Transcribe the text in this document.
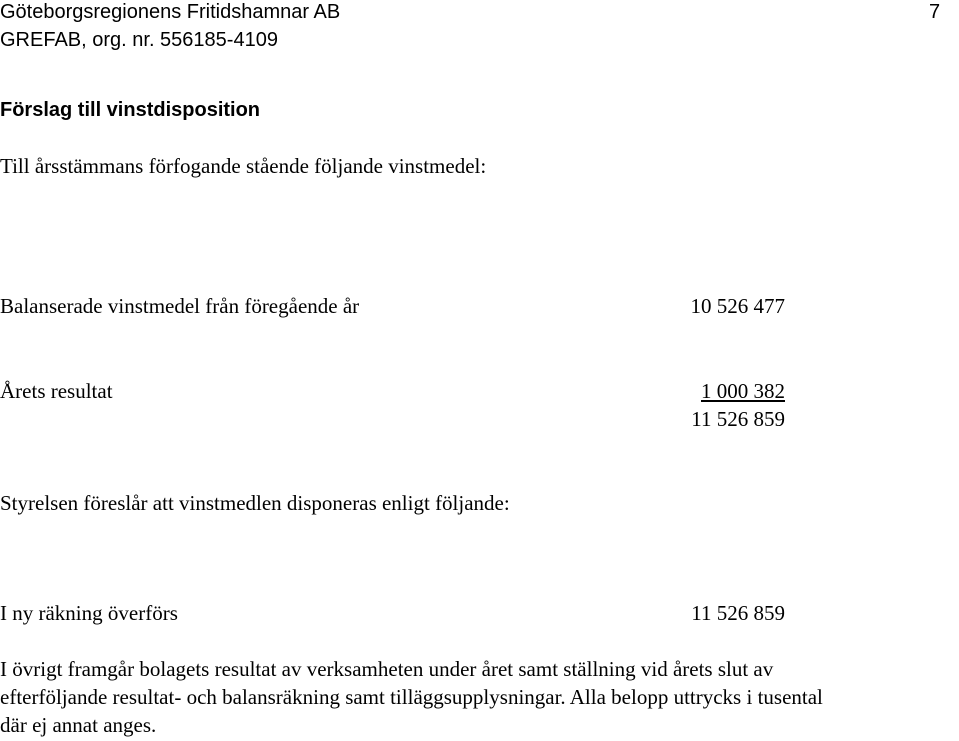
Göteborgsregionens Fritidshamnar AB	7
GREFAB, org. nr. 556185-4109
Förslag till vinstdisposition
Till årsstämmans förfogande stående följande vinstmedel:
Balanserade vinstmedel från föregående år	10 526 477
Årets resultat	1 000 382
11 526 859
Styrelsen föreslår att vinstmedlen disponeras enligt följande:
I ny räkning överförs	11 526 859
I övrigt framgår bolagets resultat av verksamheten under året samt ställning vid årets slut av
efterföljande resultat- och balansräkning samt tilläggsupplysningar. Alla belopp uttrycks i tusental
där ej annat anges.
